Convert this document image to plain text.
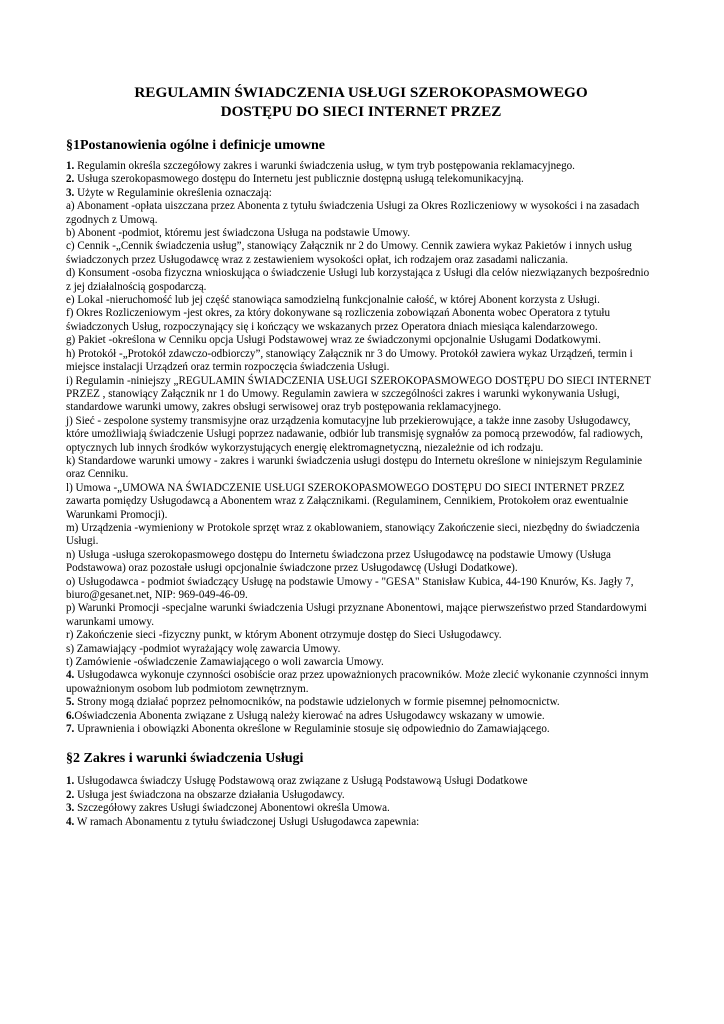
REGULAMIN ŚWIADCZENIA USŁUGI SZEROKOPASMOWEGO
DOSTĘPU DO SIECI INTERNET PRZEZ
§1Postanowienia ogólne i definicje umowne
1. Regulamin określa szczegółowy zakres i warunki świadczenia usług, w tym tryb postępowania reklamacyjnego.
2. Usługa szerokopasmowego dostępu do Internetu jest publicznie dostępną usługą telekomunikacyjną.
3. Użyte w Regulaminie określenia oznaczają:
a) Abonament -opłata uiszczana przez Abonenta z tytułu świadczenia Usługi za Okres Rozliczeniowy w wysokości i na zasadach zgodnych z Umową.
b) Abonent -podmiot, któremu jest świadczona Usługa na podstawie Umowy.
c) Cennik -„Cennik świadczenia usług”, stanowiący Załącznik nr 2 do Umowy. Cennik zawiera wykaz Pakietów i innych usług świadczonych przez Usługodawcę wraz z zestawieniem wysokości opłat, ich rodzajem oraz zasadami naliczania.
d) Konsument -osoba fizyczna wnioskująca o świadczenie Usługi lub korzystająca z Usługi dla celów niezwiązanych bezpośrednio z jej działalnością gospodarczą.
e) Lokal -nieruchomość lub jej część stanowiąca samodzielną funkcjonalnie całość, w której Abonent korzysta z Usługi.
f) Okres Rozliczeniowym -jest okres, za który dokonywane są rozliczenia zobowiązań Abonenta wobec Operatora z tytułu świadczonych Usług, rozpoczynający się i kończący we wskazanych przez Operatora dniach miesiąca kalendarzowego.
g) Pakiet -określona w Cenniku opcja Usługi Podstawowej wraz ze świadczonymi opcjonalnie Usługami Dodatkowymi.
h) Protokół -„Protokół zdawczo-odbiorczy”, stanowiący Załącznik nr 3 do Umowy. Protokół zawiera wykaz Urządzeń, termin i miejsce instalacji Urządzeń oraz termin rozpoczęcia świadczenia Usługi.
i) Regulamin -niniejszy „REGULAMIN ŚWIADCZENIA USŁUGI SZEROKOPASMOWEGO DOSTĘPU DO SIECI INTERNET PRZEZ , stanowiący Załącznik nr 1 do Umowy. Regulamin zawiera w szczególności zakres i warunki wykonywania Usługi, standardowe warunki umowy, zakres obsługi serwisowej oraz tryb postępowania reklamacyjnego.
j) Sieć - zespolone systemy transmisyjne oraz urządzenia komutacyjne lub przekierowujące, a także inne zasoby Usługodawcy, które umożliwiają świadczenie Usługi poprzez nadawanie, odbiór lub transmisję sygnałów za pomocą przewodów, fal radiowych, optycznych lub innych środków wykorzystujących energię elektromagnetyczną, niezależnie od ich rodzaju.
k) Standardowe warunki umowy - zakres i warunki świadczenia usługi dostępu do Internetu określone w niniejszym Regulaminie oraz Cenniku.
l) Umowa -„UMOWA NA ŚWIADCZENIE USŁUGI SZEROKOPASMOWEGO DOSTĘPU DO SIECI INTERNET PRZEZ zawarta pomiędzy Usługodawcą a Abonentem wraz z Załącznikami. (Regulaminem, Cennikiem, Protokołem oraz ewentualnie Warunkami Promocji).
m) Urządzenia -wymieniony w Protokole sprzęt wraz z okablowaniem, stanowiący Zakończenie sieci, niezbędny do świadczenia Usługi.
n) Usługa -usługa szerokopasmowego dostępu do Internetu świadczona przez Usługodawcę na podstawie Umowy (Usługa Podstawowa) oraz pozostałe usługi opcjonalnie świadczone przez Usługodawcę (Usługi Dodatkowe).
o) Usługodawca - podmiot świadczący Usługę na podstawie Umowy - "GESA" Stanisław Kubica, 44-190 Knurów, Ks. Jagły 7, biuro@gesanet.net, NIP: 969-049-46-09.
p) Warunki Promocji -specjalne warunki świadczenia Usługi przyznane Abonentowi, mające pierwszeństwo przed Standardowymi warunkami umowy.
r) Zakończenie sieci -fizyczny punkt, w którym Abonent otrzymuje dostęp do Sieci Usługodawcy.
s) Zamawiający -podmiot wyrażający wolę zawarcia Umowy.
t) Zamówienie -oświadczenie Zamawiającego o woli zawarcia Umowy.
4. Usługodawca wykonuje czynności osobiście oraz przez upoważnionych pracowników. Może zlecić wykonanie czynności innym upoważnionym osobom lub podmiotom zewnętrznym.
5. Strony mogą działać poprzez pełnomocników, na podstawie udzielonych w formie pisemnej pełnomocnictw.
6.Oświadczenia Abonenta związane z Usługą należy kierować na adres Usługodawcy wskazany w umowie.
7. Uprawnienia i obowiązki Abonenta określone w Regulaminie stosuje się odpowiednio do Zamawiającego.
§2 Zakres i warunki świadczenia Usługi
1. Usługodawca świadczy Usługę Podstawową oraz związane z Usługą Podstawową Usługi Dodatkowe
2. Usługa jest świadczona na obszarze działania Usługodawcy.
3. Szczegółowy zakres Usługi świadczonej Abonentowi określa Umowa.
4. W ramach Abonamentu z tytułu świadczonej Usługi Usługodawca zapewnia:
